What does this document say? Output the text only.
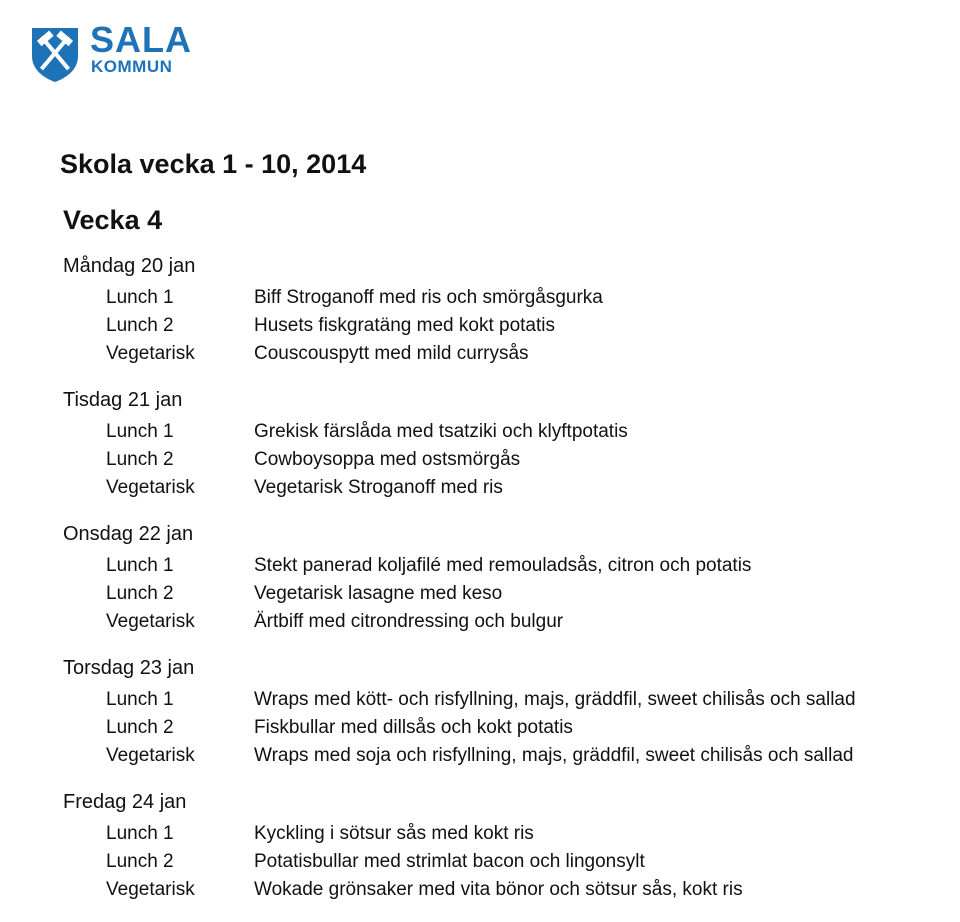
SALA
KOMMUN
Skola vecka 1 - 10, 2014
Vecka 4
Måndag 20 jan
Lunch 1	Biff Stroganoff med ris och smörgåsgurka
Lunch 2	Husets fiskgratäng med kokt potatis
Vegetarisk	Couscouspytt med mild currysås
Tisdag 21 jan
Lunch 1	Grekisk färslåda med tsatziki och klyftpotatis
Lunch 2	Cowboysoppa med ostsmörgås
Vegetarisk	Vegetarisk Stroganoff med ris
Onsdag 22 jan
Lunch 1	Stekt panerad koljafilé med remouladsås, citron och potatis
Lunch 2	Vegetarisk lasagne med keso
Vegetarisk	Ärtbiff med citrondressing och bulgur
Torsdag 23 jan
Lunch 1	Wraps med kött- och risfyllning, majs, gräddfil, sweet chilisås och sallad
Lunch 2	Fiskbullar med dillsås och kokt potatis
Vegetarisk	Wraps med soja och risfyllning, majs, gräddfil, sweet chilisås och sallad
Fredag 24 jan
Lunch 1	Kyckling i sötsur sås med kokt ris
Lunch 2	Potatisbullar med strimlat bacon och lingonsylt
Vegetarisk	Wokade grönsaker med vita bönor och sötsur sås, kokt ris
